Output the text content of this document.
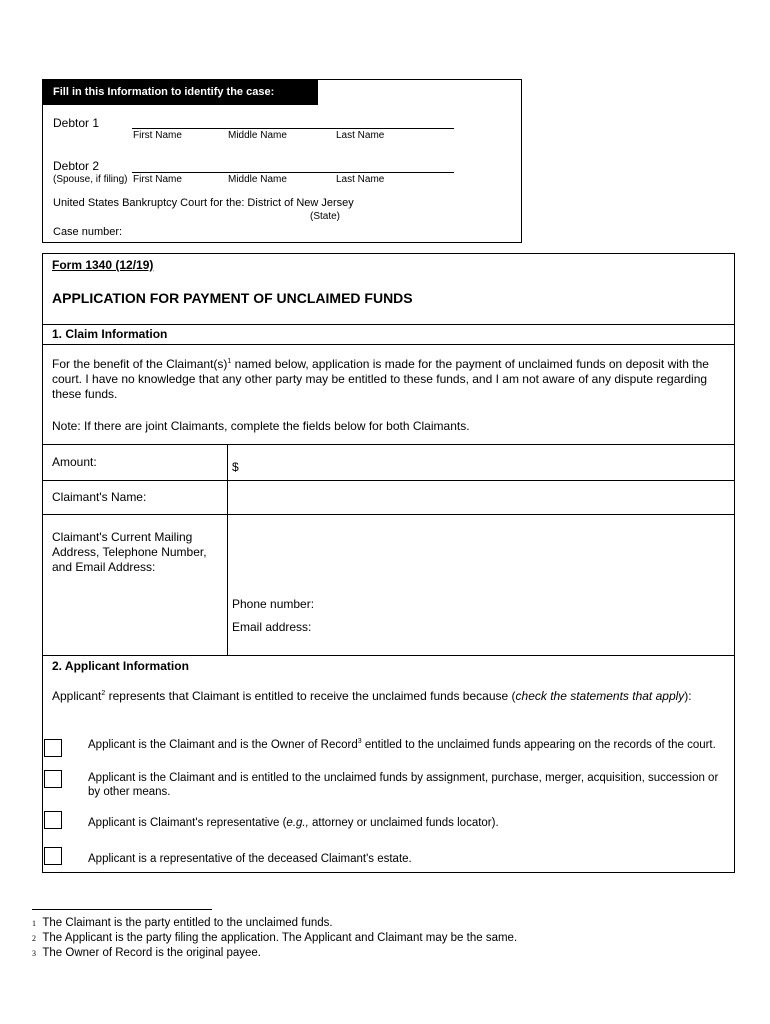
Fill in this Information to identify the case:
Debtor 1
First Name	Middle Name	Last Name
Debtor 2
(Spouse, if filing) First Name	Middle Name	Last Name
United States Bankruptcy Court for the: District of New Jersey
(State)
Case number:
Form 1340 (12/19)
APPLICATION FOR PAYMENT OF UNCLAIMED FUNDS
1. Claim Information
For the benefit of the $Claimant(s)^1$ named below, application is made for the payment of unclaimed funds on deposit with the court. I have no knowledge that any other party may be entitled to these funds, and I am not aware of any dispute regarding these funds.
Note: If there are joint Claimants, complete the fields below for both Claimants.
Amount:	$
Claimant's Name:
Claimant's Current Mailing Address, Telephone Number, and Email Address:
Phone number:
Email address:
2. Applicant Information
Applicant$^2$ represents that Claimant is entitled to receive the unclaimed funds because (check the statements that apply):
Applicant is the Claimant and is the Owner of Record$^3$ entitled to the unclaimed funds appearing on the records of the court.
Applicant is the Claimant and is entitled to the unclaimed funds by assignment, purchase, merger, acquisition, succession or by other means.
Applicant is Claimant's representative (e.g., attorney or unclaimed funds locator).
Applicant is a representative of the deceased Claimant's estate.
1 The Claimant is the party entitled to the unclaimed funds.
2 The Applicant is the party filing the application. The Applicant and Claimant may be the same.
3 The Owner of Record is the original payee.
